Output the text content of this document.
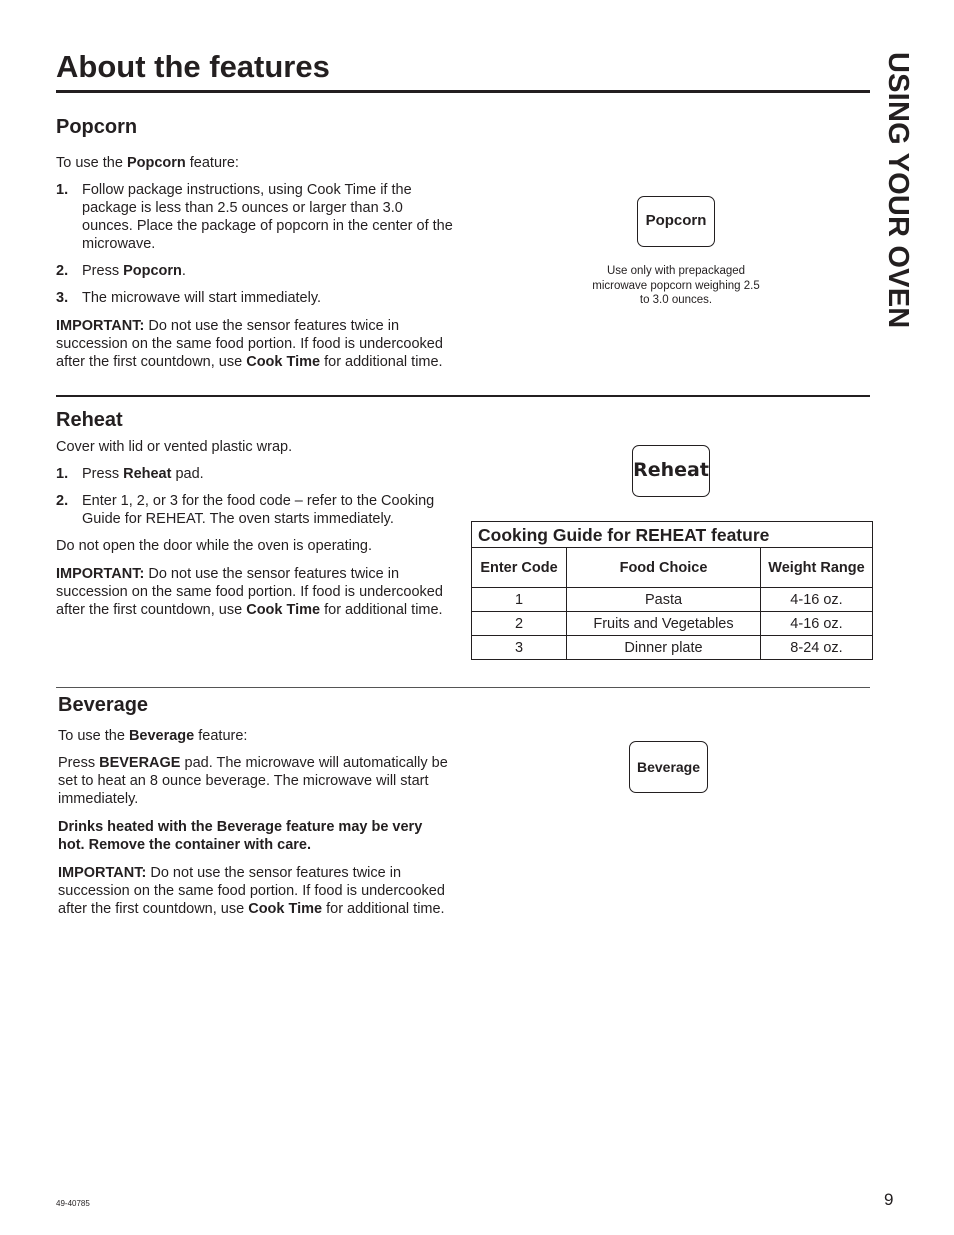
About the features	USING YOUR OVEN
Popcorn

To use the Popcorn feature:

1. Follow package instructions, using Cook Time if the package is less than 2.5 ounces or larger than 3.0 ounces. Place the package of popcorn in the center of the microwave.

2. Press Popcorn.

3. The microwave will start immediately.

IMPORTANT: Do not use the sensor features twice in succession on the same food portion. If food is undercooked after the first countdown, use Cook Time for additional time.

Popcorn

Use only with prepackaged microwave popcorn weighing 2.5 to 3.0 ounces.

Reheat

Cover with lid or vented plastic wrap.

1. Press Reheat pad.

2. Enter 1, 2, or 3 for the food code – refer to the Cooking Guide for REHEAT. The oven starts immediately.

Do not open the door while the oven is operating.

IMPORTANT: Do not use the sensor features twice in succession on the same food portion. If food is undercooked after the first countdown, use Cook Time for additional time.

Reheat
Cooking Guide for REHEAT feature		
Enter Code	Food Choice	Weight Range
1	Pasta	4-16 oz.
2	Fruits and Vegetables	4-16 oz.
3	Dinner plate	8-24 oz.
Beverage

To use the Beverage feature:

Press BEVERAGE pad. The microwave will automatically be set to heat an 8 ounce beverage. The microwave will start immediately.

Drinks heated with the Beverage feature may be very hot. Remove the container with care.

IMPORTANT: Do not use the sensor features twice in succession on the same food portion. If food is undercooked after the first countdown, use Cook Time for additional time.

Beverage
49-40785	9
